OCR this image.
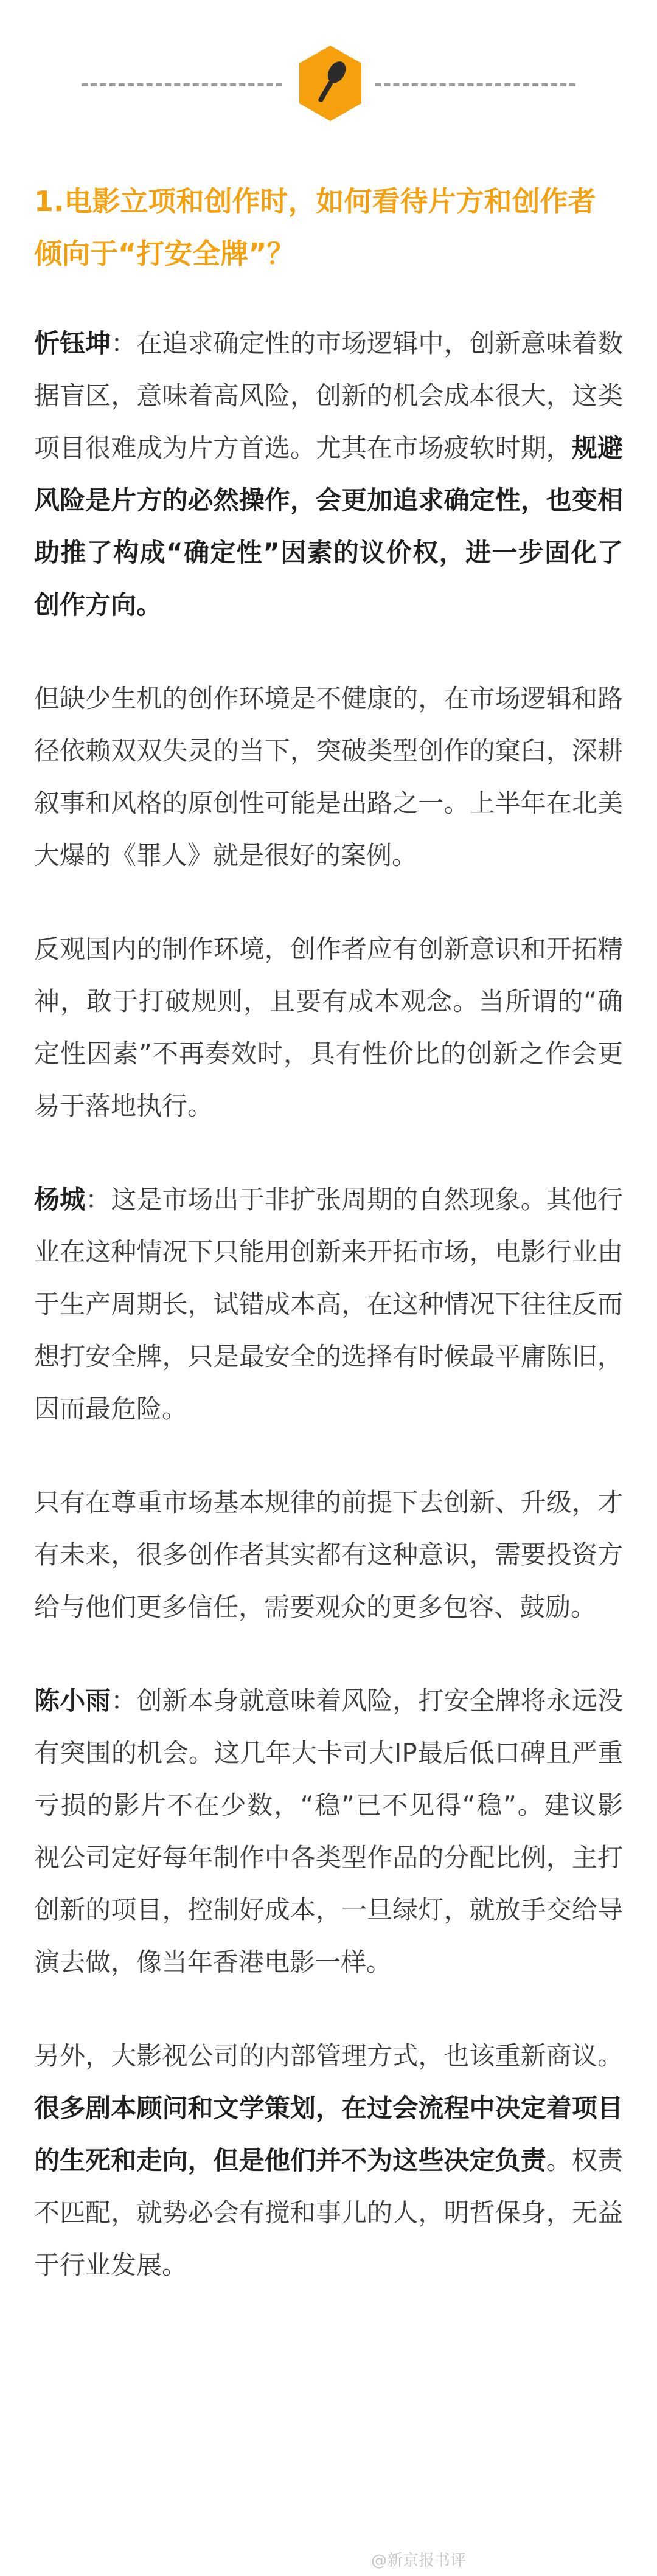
1.电影立项和创作时，如何看待片方和创作者倾向于“打安全牌”？
忻钰坤：在追求确定性的市场逻辑中，创新意味着数据盲区，意味着高风险，创新的机会成本很大，这类项目很难成为片方首选。尤其在市场疲软时期，规避风险是片方的必然操作，会更加追求确定性，也变相助推了构成“确定性”因素的议价权，进一步固化了创作方向。
但缺少生机的创作环境是不健康的，在市场逻辑和路径依赖双双失灵的当下，突破类型创作的窠臼，深耕叙事和风格的原创性可能是出路之一。上半年在北美大爆的《罪人》就是很好的案例。
反观国内的制作环境，创作者应有创新意识和开拓精神，敢于打破规则，且要有成本观念。当所谓的“确定性因素”不再奏效时，具有性价比的创新之作会更易于落地执行。
杨城：这是市场出于非扩张周期的自然现象。其他行业在这种情况下只能用创新来开拓市场，电影行业由于生产周期长，试错成本高，在这种情况下往往反而想打安全牌，只是最安全的选择有时候最平庸陈旧，因而最危险。
只有在尊重市场基本规律的前提下去创新、升级，才有未来，很多创作者其实都有这种意识，需要投资方给与他们更多信任，需要观众的更多包容、鼓励。
陈小雨：创新本身就意味着风险，打安全牌将永远没有突围的机会。这几年大卡司大IP最后低口碑且严重亏损的影片不在少数，“稳”已不见得“稳”。建议影视公司定好每年制作中各类型作品的分配比例，主打创新的项目，控制好成本，一旦绿灯，就放手交给导演去做，像当年香港电影一样。
另外，大影视公司的内部管理方式，也该重新商议。很多剧本顾问和文学策划，在过会流程中决定着项目的生死和走向，但是他们并不为这些决定负责。权责不匹配，就势必会有搅和事儿的人，明哲保身，无益于行业发展。
@新京报书评
